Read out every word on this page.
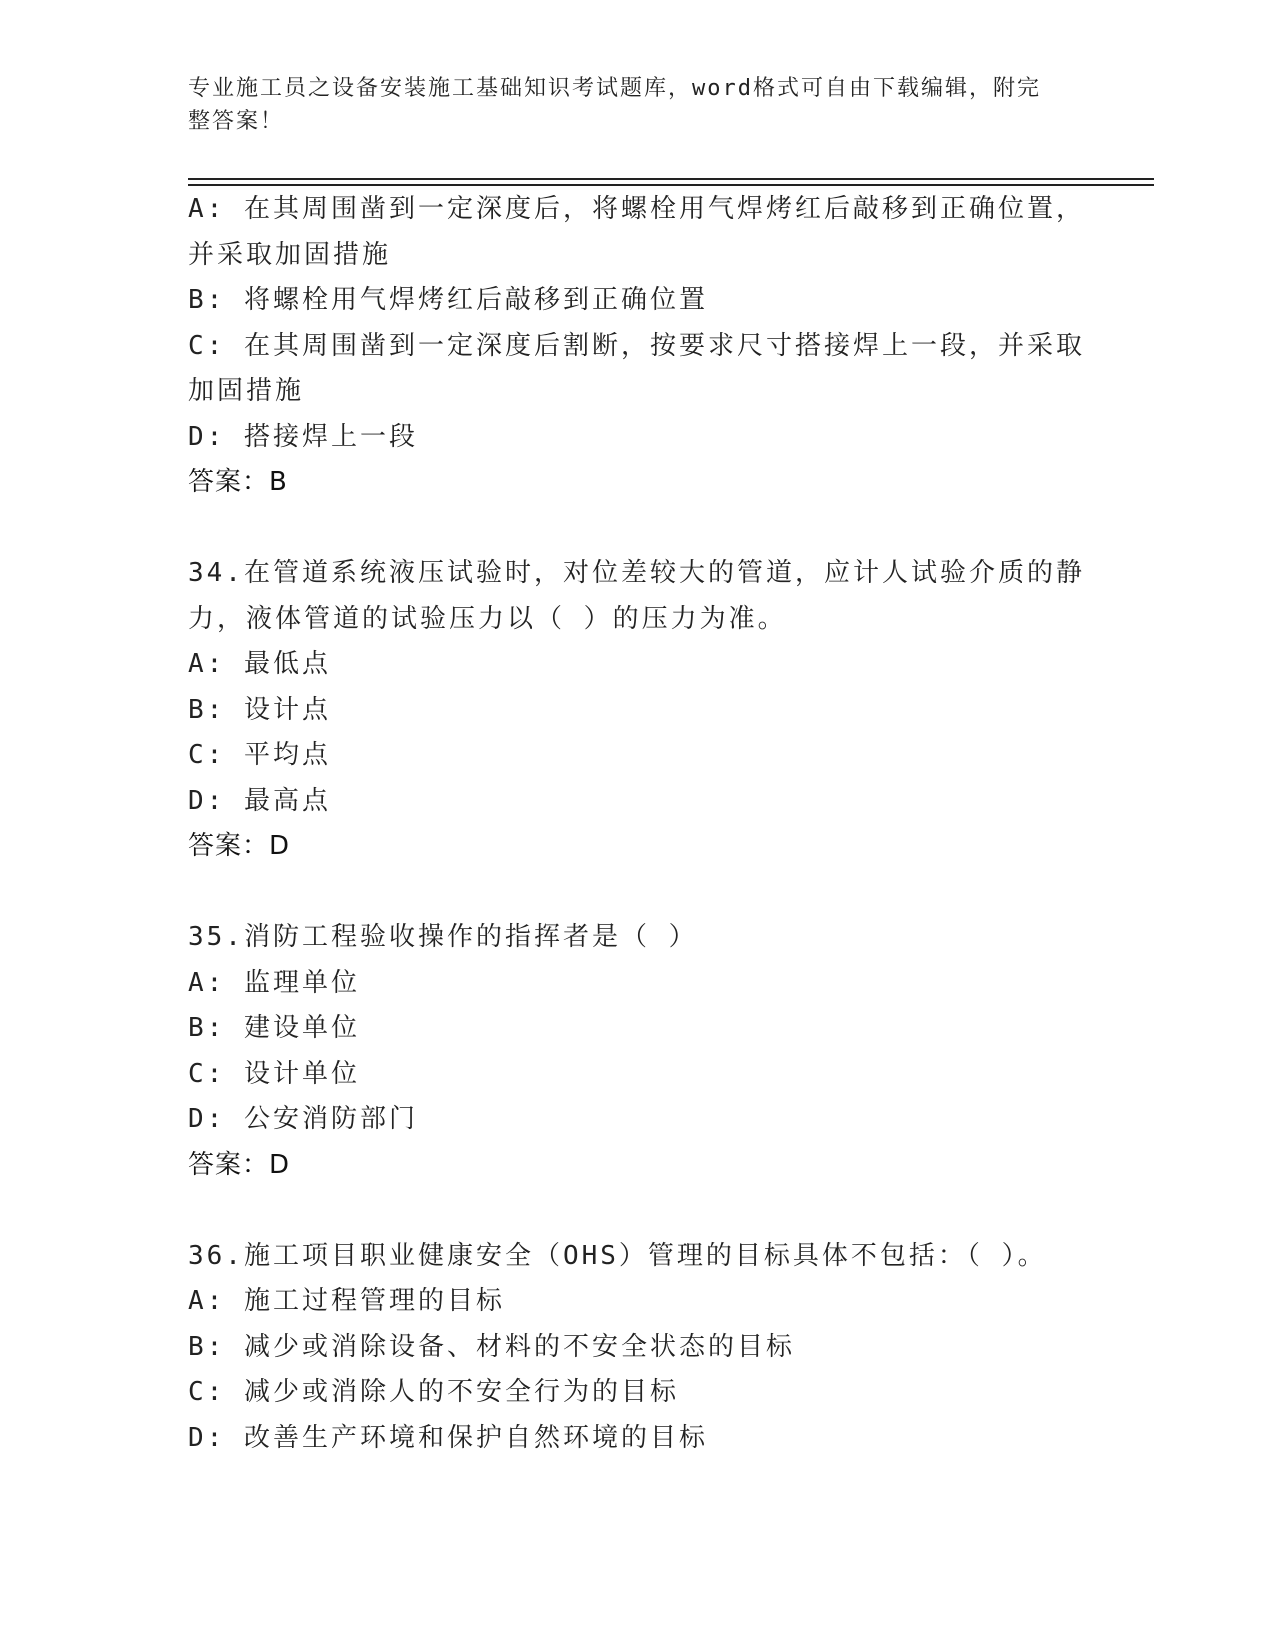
专业施工员之设备安装施工基础知识考试题库，word格式可自由下载编辑，附完
整答案！
A: 在其周围凿到一定深度后，将螺栓用气焊烤红后敲移到正确位置，
并采取加固措施
B: 将螺栓用气焊烤红后敲移到正确位置
C: 在其周围凿到一定深度后割断，按要求尺寸搭接焊上一段，并采取
加固措施
D: 搭接焊上一段
答案：B
34.在管道系统液压试验时，对位差较大的管道，应计人试验介质的静
力，液体管道的试验压力以（ ）的压力为准。
A: 最低点
B: 设计点
C: 平均点
D: 最高点
答案：D
35.消防工程验收操作的指挥者是（ ）
A: 监理单位
B: 建设单位
C: 设计单位
D: 公安消防部门
答案：D
36.施工项目职业健康安全（OHS）管理的目标具体不包括：（ ）。
A: 施工过程管理的目标
B: 减少或消除设备、材料的不安全状态的目标
C: 减少或消除人的不安全行为的目标
D: 改善生产环境和保护自然环境的目标
